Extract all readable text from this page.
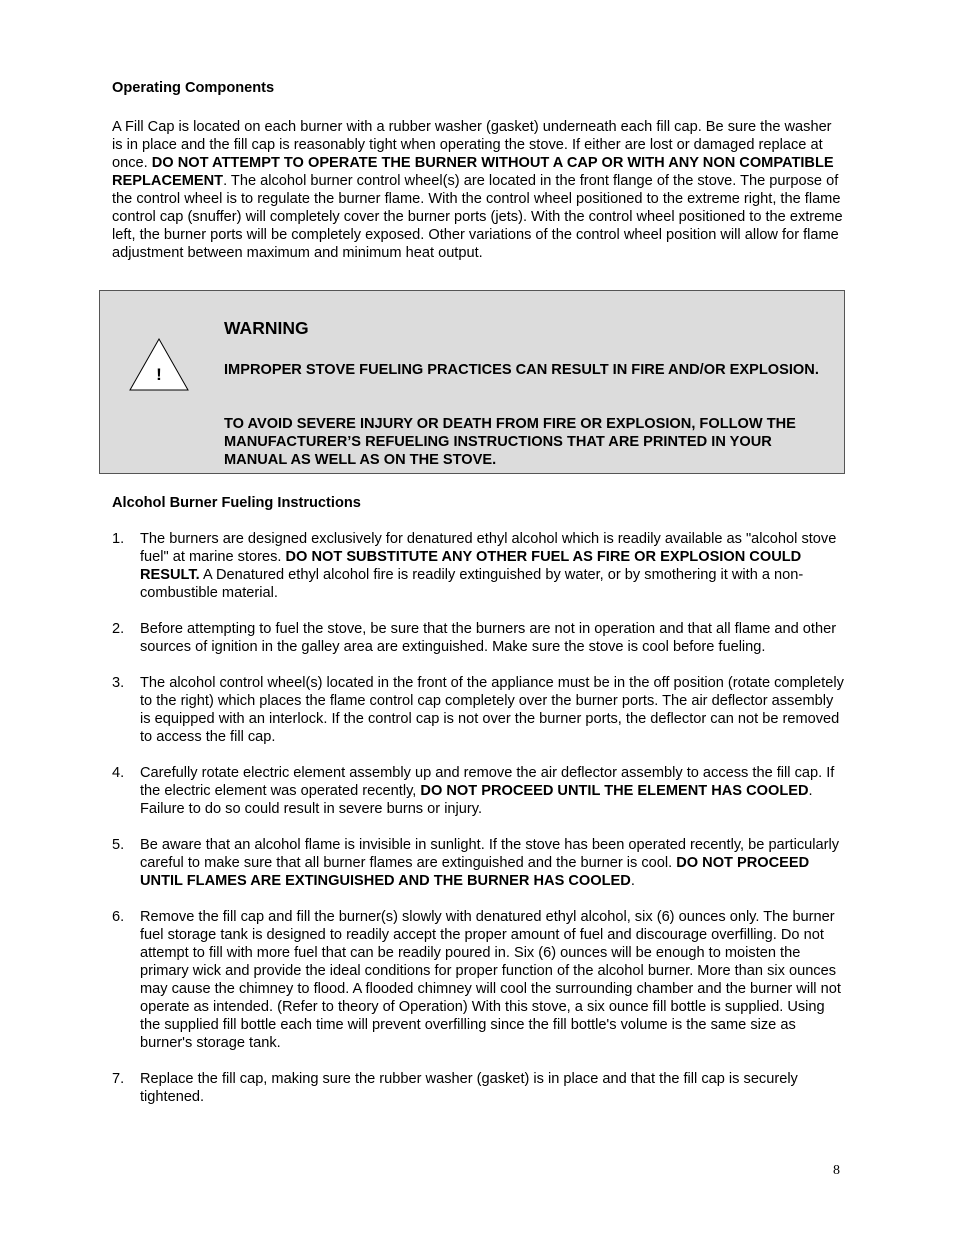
Operating Components

A Fill Cap is located on each burner with a rubber washer (gasket) underneath each fill cap. Be sure the washer is in place and the fill cap is reasonably tight when operating the stove. If either are lost or damaged replace at once. DO NOT ATTEMPT TO OPERATE THE BURNER WITHOUT A CAP OR WITH ANY NON COMPATIBLE REPLACEMENT. The alcohol burner control wheel(s) are located in the front flange of the stove. The purpose of the control wheel is to regulate the burner flame. With the control wheel positioned to the extreme right, the flame control cap (snuffer) will completely cover the burner ports (jets). With the control wheel positioned to the extreme left, the burner ports will be completely exposed. Other variations of the control wheel position will allow for flame adjustment between maximum and minimum heat output.

!

WARNING

IMPROPER STOVE FUELING PRACTICES CAN RESULT IN FIRE AND/OR EXPLOSION.

TO AVOID SEVERE INJURY OR DEATH FROM FIRE OR EXPLOSION, FOLLOW THE MANUFACTURER’S REFUELING INSTRUCTIONS THAT ARE PRINTED IN YOUR MANUAL AS WELL AS ON THE STOVE.

Alcohol Burner Fueling Instructions

1. The burners are designed exclusively for denatured ethyl alcohol which is readily available as "alcohol stove fuel" at marine stores. DO NOT SUBSTITUTE ANY OTHER FUEL AS FIRE OR EXPLOSION COULD RESULT. A Denatured ethyl alcohol fire is readily extinguished by water, or by smothering it with a non-combustible material.
2. Before attempting to fuel the stove, be sure that the burners are not in operation and that all flame and other sources of ignition in the galley area are extinguished. Make sure the stove is cool before fueling.
3. The alcohol control wheel(s) located in the front of the appliance must be in the off position (rotate completely to the right) which places the flame control cap completely over the burner ports. The air deflector assembly is equipped with an interlock. If the control cap is not over the burner ports, the deflector can not be removed to access the fill cap.
4. Carefully rotate electric element assembly up and remove the air deflector assembly to access the fill cap. If the electric element was operated recently, DO NOT PROCEED UNTIL THE ELEMENT HAS COOLED. Failure to do so could result in severe burns or injury.
5. Be aware that an alcohol flame is invisible in sunlight. If the stove has been operated recently, be particularly careful to make sure that all burner flames are extinguished and the burner is cool. DO NOT PROCEED UNTIL FLAMES ARE EXTINGUISHED AND THE BURNER HAS COOLED.
6. Remove the fill cap and fill the burner(s) slowly with denatured ethyl alcohol, six (6) ounces only. The burner fuel storage tank is designed to readily accept the proper amount of fuel and discourage overfilling. Do not attempt to fill with more fuel that can be readily poured in. Six (6) ounces will be enough to moisten the primary wick and provide the ideal conditions for proper function of the alcohol burner. More than six ounces may cause the chimney to flood. A flooded chimney will cool the surrounding chamber and the burner will not operate as intended. (Refer to theory of Operation) With this stove, a six ounce fill bottle is supplied. Using the supplied fill bottle each time will prevent overfilling since the fill bottle's volume is the same size as burner's storage tank.
7. Replace the fill cap, making sure the rubber washer (gasket) is in place and that the fill cap is securely tightened.

8
